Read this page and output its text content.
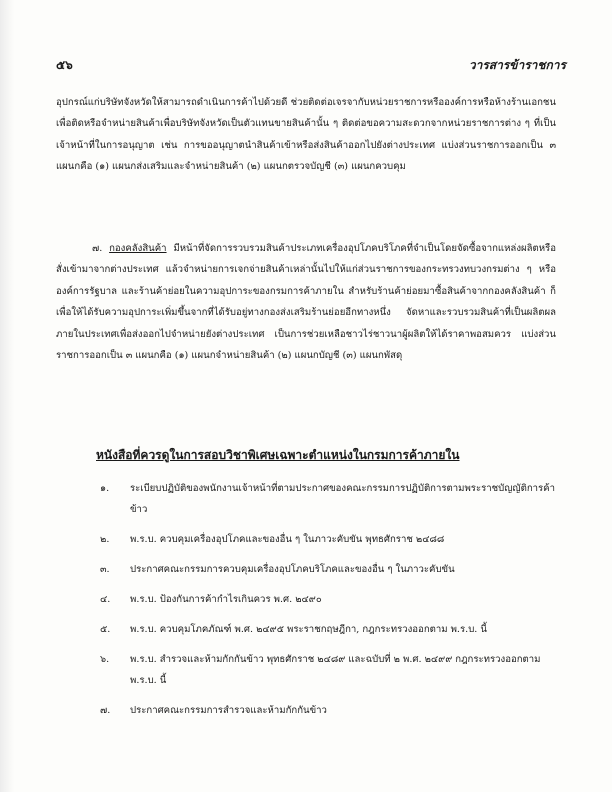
๕๖	วารสารข้าราชการ
อุปกรณ์แก่บริษัทจังหวัดให้สามารถดำเนินการค้าไปด้วยดี ช่วยติดต่อเจรจากับหน่วยราชการหรือองค์การหรือห้างร้านเอกชนเพื่อติดหรือจำหน่ายสินค้าเพื่อบริษัทจังหวัดเป็นตัวแทนขายสินค้านั้น ๆ ติดต่อขอความสะดวกจากหน่วยราชการต่าง ๆ ที่เป็นเจ้าหน้าที่ในการอนุญาต เช่น การขออนุญาตนำสินค้าเข้าหรือส่งสินค้าออกไปยังต่างประเทศ แบ่งส่วนราชการออกเป็น ๓ แผนกคือ (๑) แผนกส่งเสริมและจำหน่ายสินค้า (๒) แผนกตรวจบัญชี (๓) แผนกควบคุม
๗. กองคลังสินค้า มีหน้าที่จัดการรวบรวมสินค้าประเภทเครื่องอุปโภคบริโภคที่จำเป็นโดยจัดซื้อจากแหล่งผลิตหรือสั่งเข้ามาจากต่างประเทศ แล้วจำหน่ายการเจกจ่ายสินค้าเหล่านั้นไปให้แก่ส่วนราชการของกระทรวงทบวงกรมต่าง ๆ หรือองค์การรัฐบาล และร้านค้าย่อยในความอุปการะของกรมการค้าภายใน สำหรับร้านค้าย่อยมาซื้อสินค้าจากกองคลังสินค้า ก็เพื่อให้ได้รับความอุปการะเพิ่มขึ้นจากที่ได้รับอยู่ทางกองส่งเสริมร้านย่อยอีกทางหนึ่ง จัดหาและรวบรวมสินค้าที่เป็นผลิตผลภายในประเทศเพื่อส่งออกไปจำหน่ายยังต่างประเทศ เป็นการช่วยเหลือชาวไร่ชาวนาผู้ผลิตให้ได้ราคาพอสมควร แบ่งส่วนราชการออกเป็น ๓ แผนกคือ (๑) แผนกจำหน่ายสินค้า (๒) แผนกบัญชี (๓) แผนกพัสดุ
หนังสือที่ควรดูในการสอบวิชาพิเศษเฉพาะตำแหน่งในกรมการค้าภายใน
๑.	ระเบียบปฏิบัติของพนักงานเจ้าหน้าที่ตามประกาศของคณะกรรมการปฏิบัติการตามพระราชบัญญัติการค้าข้าว
๒.	พ.ร.บ. ควบคุมเครื่องอุปโภคและของอื่น ๆ ในภาวะคับขัน พุทธศักราช ๒๔๘๘
๓.	ประกาศคณะกรรมการควบคุมเครื่องอุปโภคบริโภคและของอื่น ๆ ในภาวะคับขัน
๔.	พ.ร.บ. ป้องกันการค้ากำไรเกินควร พ.ศ. ๒๔๙๐
๕.	พ.ร.บ. ควบคุมโภคภัณฑ์ พ.ศ. ๒๔๙๕ พระราชกฤษฎีกา, กฎกระทรวงออกตาม พ.ร.บ. นี้
๖.	พ.ร.บ. สำรวจและห้ามกักกันข้าว พุทธศักราช ๒๔๘๙ และฉบับที่ ๒ พ.ศ. ๒๔๙๙ กฎกระทรวงออกตาม พ.ร.บ. นี้
๗.	ประกาศคณะกรรมการสำรวจและห้ามกักกันข้าว
